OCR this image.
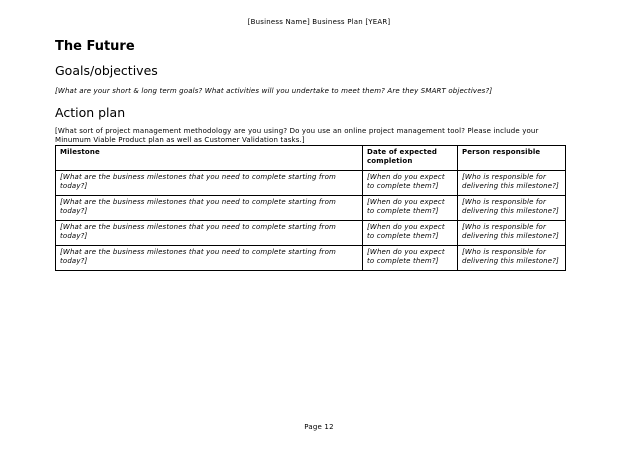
[Business Name] Business Plan [YEAR]
The Future
Goals/objectives
[What are your short & long term goals? What activities will you undertake to meet them? Are they SMART objectives?]
Action plan
[What sort of project management methodology are you using? Do you use an online project management tool? Please include your Minumum Viable Product plan as well as Customer Validation tasks.]
Milestone	Date of expected completion	Person responsible
[What are the business milestones that you need to complete starting from today?]	[When do you expect to complete them?]	[Who is responsible for delivering this milestone?]
[What are the business milestones that you need to complete starting from today?]	[When do you expect to complete them?]	[Who is responsible for delivering this milestone?]
[What are the business milestones that you need to complete starting from today?]	[When do you expect to complete them?]	[Who is responsible for delivering this milestone?]
[What are the business milestones that you need to complete starting from today?]	[When do you expect to complete them?]	[Who is responsible for delivering this milestone?]
Page 12
